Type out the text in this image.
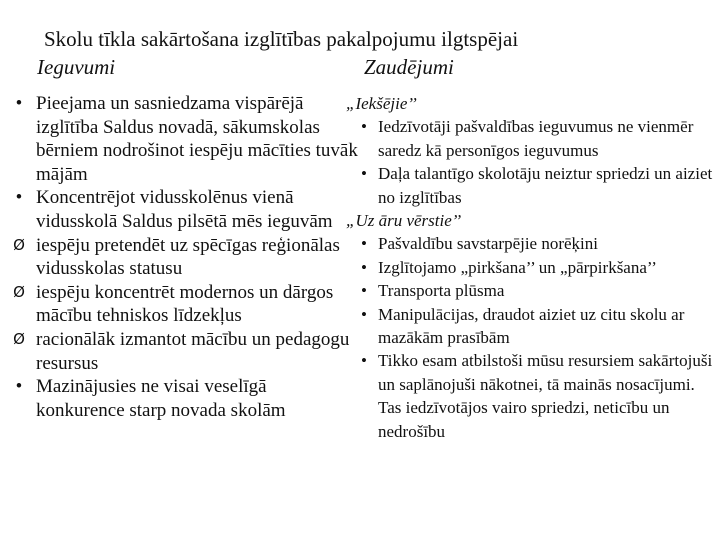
Skolu tīkla sakārtošana izglītības pakalpojumu ilgtspējai
Ieguvumi	Zaudējumi
• Pieejama un sasniedzama vispārējā izglītība Saldus novadā, sākumskolas bērniem nodrošinot iespēju mācīties tuvāk mājām
• Koncentrējot vidusskolēnus vienā vidusskolā Saldus pilsētā mēs ieguvām
Ø iespēju pretendēt uz spēcīgas reģionālas vidusskolas statusu
Ø iespēju koncentrēt modernos un dārgos mācību tehniskos līdzekļus
Ø racionālāk izmantot mācību un pedagogu resursus
• Mazinājusies ne visai veselīgā konkurence starp novada skolām
„Iekšējie’’
• Iedzīvotāji pašvaldības ieguvumus ne vienmēr saredz kā personīgos ieguvumus
• Daļa talantīgo skolotāju neiztur spriedzi un aiziet no izglītības
„Uz āru vērstie’’
• Pašvaldību savstarpējie norēķini
• Izglītojamo „pirkšana’’ un „pārpirkšana’’
• Transporta plūsma
• Manipulācijas, draudot aiziet uz citu skolu ar mazākām prasībām
• Tikko esam atbilstoši mūsu resursiem sakārtojuši un saplānojuši nākotnei, tā mainās nosacījumi. Tas iedzīvotājos vairo spriedzi, neticību un nedrošību
